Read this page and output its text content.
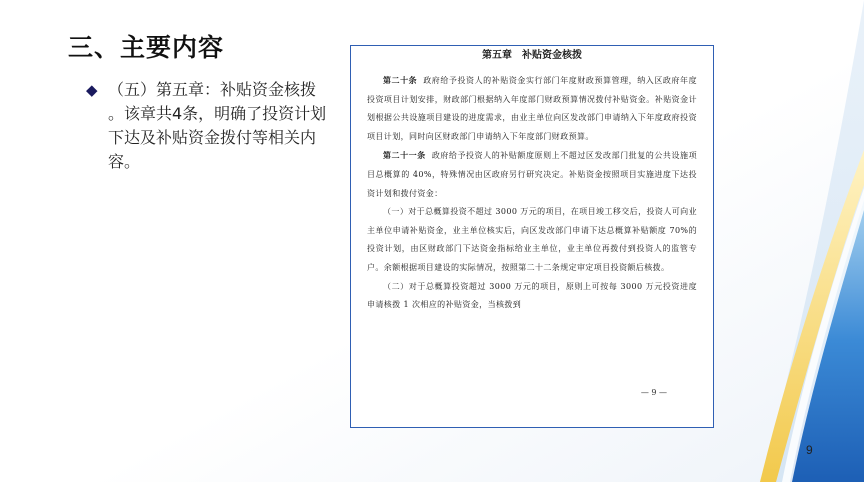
三、主要内容
◆ （五）第五章：补贴资金核拨 。该章共4条，明确了投资计划下达及补贴资金拨付等相关内容。
第五章　补贴资金核拨

第二十条 政府给予投资人的补贴资金实行部门年度财政预算管理，纳入区政府年度投资项目计划安排，财政部门根据纳入年度部门财政预算情况拨付补贴资金。补贴资金计划根据公共设施项目建设的进度需求，由业主单位向区发改部门申请纳入下年度政府投资项目计划，同时向区财政部门申请纳入下年度部门财政预算。

第二十一条 政府给予投资人的补贴额度原则上不超过区发改部门批复的公共设施项目总概算的 40%，特殊情况由区政府另行研究决定。补贴资金按照项目实施进度下达投资计划和拨付资金：

（一）对于总概算投资不超过 3000 万元的项目，在项目竣工移交后，投资人可向业主单位申请补贴资金，业主单位核实后，向区发改部门申请下达总概算补贴额度 70%的投资计划，由区财政部门下达资金指标给业主单位，业主单位再拨付到投资人的监管专户。余额根据项目建设的实际情况，按照第二十二条规定审定项目投资额后核拨。

（二）对于总概算投资超过 3000 万元的项目，原则上可按每 3000 万元投资进度申请核拨 1 次相应的补贴资金，当核拨到

— 9 —
9
